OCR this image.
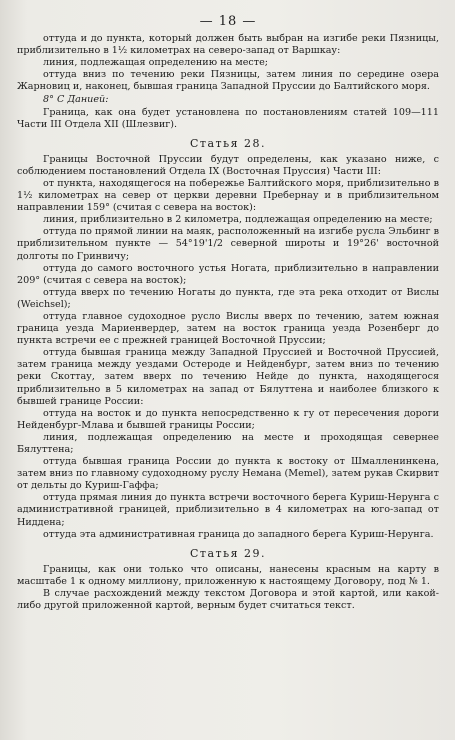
— 18 —

оттуда и до пункта, который должен быть выбран на изгибе реки Пязницы, приблизительно в 1½ километрах на северо-запад от Варшкау:

линия, подлежащая определению на месте;

оттуда вниз по течению реки Пязницы, затем линия по середине озера Жарновиц и, наконец, бывшая граница Западной Пруссии до Балтийского моря.

8° С Данией:

Граница, как она будет установлена по постановлениям статей 109—111 Части III Отдела XII (Шлезвиг).

Статья 28.

Границы Восточной Пруссии будут определены, как указано ниже, с соблюдением постановлений Отдела IX (Восточная Пруссия) Части III:

от пункта, находящегося на побережье Балтийского моря, приблизительно в 1½ километрах на север от церкви деревни Пребернау и в приблизительном направлении 159° (считая с севера на восток):

линия, приблизительно в 2 километра, подлежащая определению на месте;

оттуда по прямой линии на маяк, расположенный на изгибе русла Эльбинг в приблизительном пункте — 54°19'1/2 северной широты и 19°26' восточной долготы по Гринвичу;

оттуда до самого восточного устья Ногата, приблизительно в направлении 209° (считая с севера на восток);

оттуда вверх по течению Ногаты до пункта, где эта река отходит от Вислы (Weichsel);

оттуда главное судоходное русло Вислы вверх по течению, затем южная граница уезда Мариенвердер, затем на восток граница уезда Розенберг до пункта встречи ее с прежней границей Восточной Пруссии;

оттуда бывшая граница между Западной Пруссией и Восточной Пруссией, затем граница между уездами Остероде и Нейденбург, затем вниз по течению реки Скоттау, затем вверх по течению Нейде до пункта, находящегося приблизительно в 5 километрах на запад от Бялуттена и наиболее близкого к бывшей границе России:

оттуда на восток и до пункта непосредственно к гу от пересечения дороги Нейденбург-Млава и бывшей границы России;

линия, подлежащая определению на месте и проходящая севернее Бялуттена;

оттуда бывшая граница России до пункта к востоку от Шмалленинкена, затем вниз по главному судоходному руслу Немана (Memel), затем рукав Скирвит от дельты до Куриш-Гаффа;

оттуда прямая линия до пункта встречи восточного берега Куриш-Нерунга с административной границей, приблизительно в 4 километрах на юго-запад от Ниддена;

оттуда эта административная граница до западного берега Куриш-Нерунга.

Статья 29.

Границы, как они только что описаны, нанесены красным на карту в масштабе 1 к одному миллиону, приложенную к настоящему Договору, под № 1.

В случае расхождений между текстом Договора и этой картой, или какой-либо другой приложенной картой, верным будет считаться текст.
